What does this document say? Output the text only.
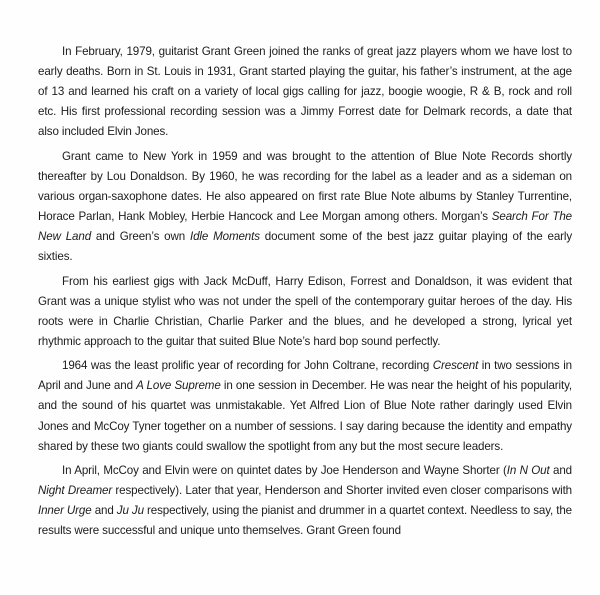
In February, 1979, guitarist Grant Green joined the ranks of great jazz players whom we have lost to early deaths. Born in St. Louis in 1931, Grant started playing the guitar, his father’s instrument, at the age of 13 and learned his craft on a variety of local gigs calling for jazz, boogie woogie, R & B, rock and roll etc. His first professional recording session was a Jimmy Forrest date for Delmark records, a date that also included Elvin Jones.

Grant came to New York in 1959 and was brought to the attention of Blue Note Records shortly thereafter by Lou Donaldson. By 1960, he was recording for the label as a leader and as a sideman on various organ-saxophone dates. He also appeared on first rate Blue Note albums by Stanley Turrentine, Horace Parlan, Hank Mobley, Herbie Hancock and Lee Morgan among others. Morgan’s Search For The New Land and Green’s own Idle Moments document some of the best jazz guitar playing of the early sixties.

From his earliest gigs with Jack McDuff, Harry Edison, Forrest and Donaldson, it was evident that Grant was a unique stylist who was not under the spell of the contemporary guitar heroes of the day. His roots were in Charlie Christian, Charlie Parker and the blues, and he developed a strong, lyrical yet rhythmic approach to the guitar that suited Blue Note’s hard bop sound perfectly.

1964 was the least prolific year of recording for John Coltrane, recording Crescent in two sessions in April and June and A Love Supreme in one session in December. He was near the height of his popularity, and the sound of his quartet was unmistakable. Yet Alfred Lion of Blue Note rather daringly used Elvin Jones and McCoy Tyner together on a number of sessions. I say daring because the identity and empathy shared by these two giants could swallow the spotlight from any but the most secure leaders.

In April, McCoy and Elvin were on quintet dates by Joe Henderson and Wayne Shorter (In N Out and Night Dreamer respectively). Later that year, Henderson and Shorter invited even closer comparisons with Inner Urge and Ju Ju respectively, using the pianist and drummer in a quartet context. Needless to say, the results were successful and unique unto themselves. Grant Green found
